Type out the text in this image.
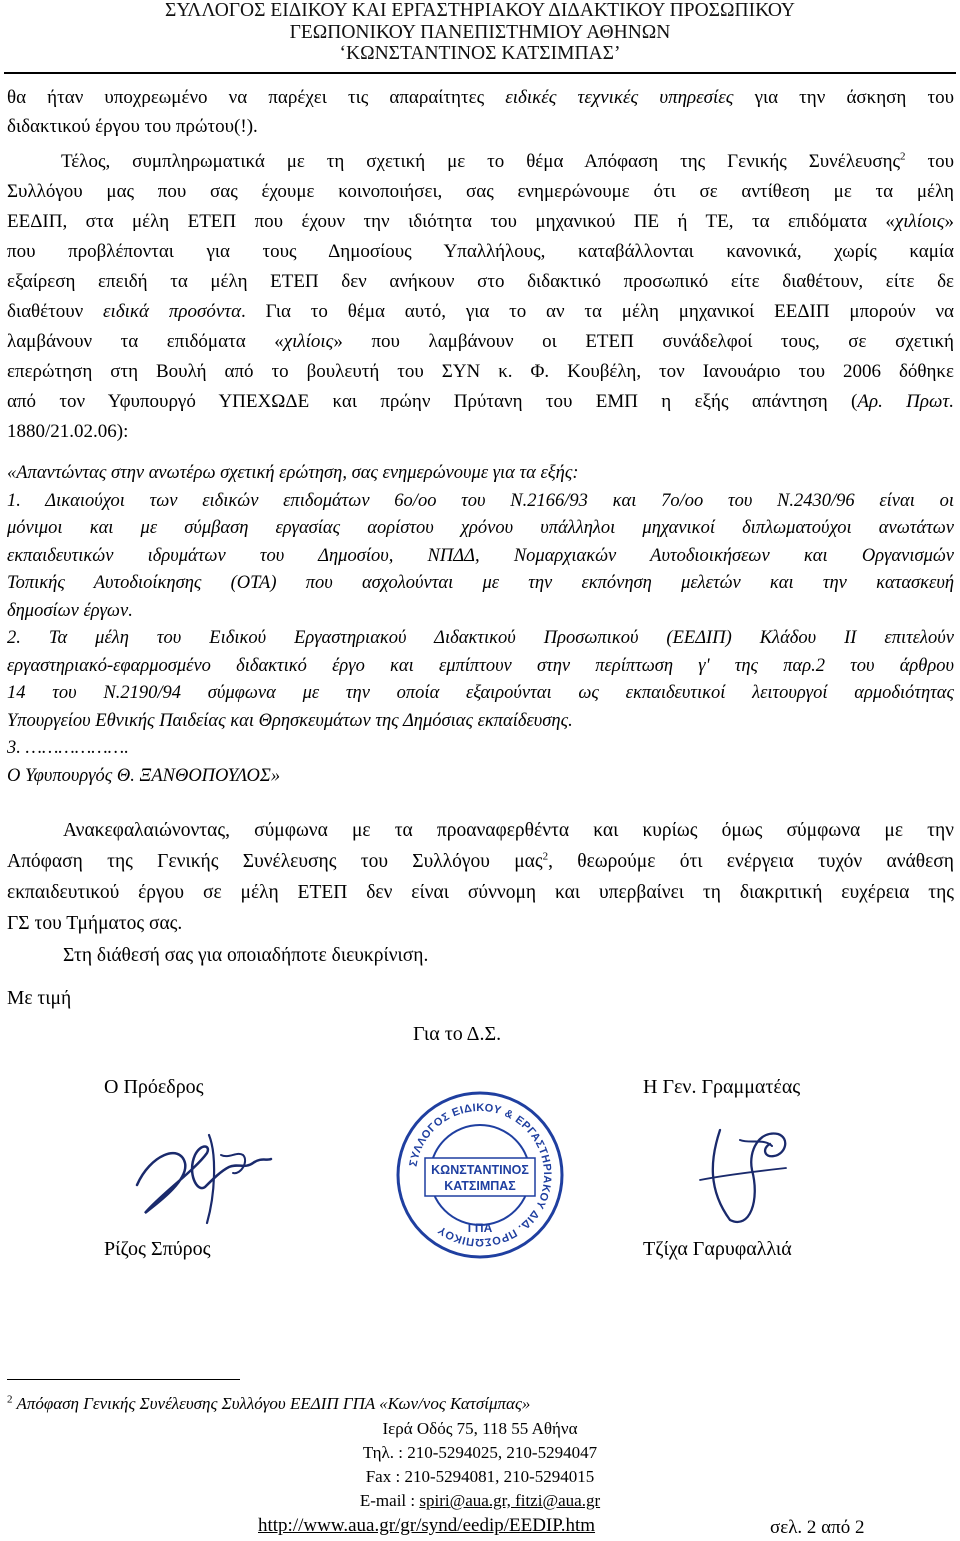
ΣΥΛΛΟΓΟΣ ΕΙΔΙΚΟΥ ΚΑΙ ΕΡΓΑΣΤΗΡΙΑΚΟΥ ΔΙΔΑΚΤΙΚΟΥ ΠΡΟΣΩΠΙΚΟΥ
ΓΕΩΠΟΝΙΚΟΥ ΠΑΝΕΠΙΣΤΗΜΙΟΥ ΑΘΗΝΩΝ
‘ΚΩΝΣΤΑΝΤΙΝΟΣ ΚΑΤΣΙΜΠΑΣ’

θα ήταν υποχρεωμένο να παρέχει τις απαραίτητες ειδικές τεχνικές υπηρεσίες για την άσκηση του

διδακτικού έργου του πρώτου(!).

Τέλος, συμπληρωματικά με τη σχετική με το θέμα Απόφαση της Γενικής Συνέλευσης$^2$ του

Συλλόγου μας που σας έχουμε κοινοποιήσει, σας ενημερώνουμε ότι σε αντίθεση με τα μέλη

ΕΕΔΙΠ, στα μέλη ΕΤΕΠ που έχουν την ιδιότητα του μηχανικού ΠΕ ή ΤΕ, τα επιδόματα «χιλίοις»

που προβλέπονται για τους Δημοσίους Υπαλλήλους, καταβάλλονται κανονικά, χωρίς καμία

εξαίρεση επειδή τα μέλη ΕΤΕΠ δεν ανήκουν στο διδακτικό προσωπικό είτε διαθέτουν, είτε δε

διαθέτουν ειδικά προσόντα. Για το θέμα αυτό, για το αν τα μέλη μηχανικοί ΕΕΔΙΠ μπορούν να

λαμβάνουν τα επιδόματα «χιλίοις» που λαμβάνουν οι ΕΤΕΠ συνάδελφοί τους, σε σχετική

επερώτηση στη Βουλή από το βουλευτή του ΣΥΝ κ. Φ. Κουβέλη, τον Ιανουάριο του 2006 δόθηκε

από τον Υφυπουργό ΥΠΕΧΩΔΕ και πρώην Πρύτανη του ΕΜΠ η εξής απάντηση (Αρ. Πρωτ.

1880/21.02.06):

«Απαντώντας στην ανωτέρω σχετική ερώτηση, σας ενημερώνουμε για τα εξής:

1. Δικαιούχοι των ειδικών επιδομάτων 6ο/οο του Ν.2166/93 και 7ο/οο του Ν.2430/96 είναι οι

μόνιμοι και με σύμβαση εργασίας αορίστου χρόνου υπάλληλοι μηχανικοί διπλωματούχοι ανωτάτων

εκπαιδευτικών ιδρυμάτων του Δημοσίου, ΝΠΔΔ, Νομαρχιακών Αυτοδιοικήσεων και Οργανισμών

Τοπικής Αυτοδιοίκησης (ΟΤΑ) που ασχολούνται με την εκπόνηση μελετών και την κατασκευή

δημοσίων έργων.

2. Τα μέλη του Ειδικού Εργαστηριακού Διδακτικού Προσωπικού (ΕΕΔΙΠ) Κλάδου ΙΙ επιτελούν

εργαστηριακό-εφαρμοσμένο διδακτικό έργο και εμπίπτουν στην περίπτωση γ' της παρ.2 του άρθρου

14 του Ν.2190/94 σύμφωνα με την οποία εξαιρούνται ως εκπαιδευτικοί λειτουργοί αρμοδιότητας

Υπουργείου Εθνικής Παιδείας και Θρησκευμάτων της Δημόσιας εκπαίδευσης.

3. ……………….

Ο Υφυπουργός Θ. ΞΑΝΘΟΠΟΥΛΟΣ»

Ανακεφαλαιώνοντας, σύμφωνα με τα προαναφερθέντα και κυρίως όμως σύμφωνα με την

Απόφαση της Γενικής Συνέλευσης του Συλλόγου μας$^2$, θεωρούμε ότι ενέργεια τυχόν ανάθεση

εκπαιδευτικού έργου σε μέλη ΕΤΕΠ δεν είναι σύννομη και υπερβαίνει τη διακριτική ευχέρεια της

ΓΣ του Τμήματος σας.

Στη διάθεσή σας για οποιαδήποτε διευκρίνιση.
Με τιμή
Για το Δ.Σ.
Ο Πρόεδρος	Η Γεν. Γραμματέας
Ρίζος Σπύρος	Τζίχα Γαρυφαλλιά
ΣΥΛΛΟΓΟΣ ΕΙΔΙΚΟΥ & ΕΡΓΑΣΤΗΡΙΑΚΟΥ ΔΙΔ. ΠΡΟΣΩΠΙΚΟΥ
ΚΩΝΣΤΑΝΤΙΝΟΣ
ΚΑΤΣΙΜΠΑΣ
ΓΠΑ
$^2$ Απόφαση Γενικής Συνέλευσης Συλλόγου ΕΕΔΙΠ ΓΠΑ «Κων/νος Κατσίμπας»
Ιερά Οδός 75, 118 55 Αθήνα
Τηλ. : 210-5294025, 210-5294047
Fax : 210-5294081, 210-5294015
E-mail : spiri@aua.gr, fitzi@aua.gr
http://www.aua.gr/gr/synd/eedip/EEDIP.htm	σελ. 2 από 2
